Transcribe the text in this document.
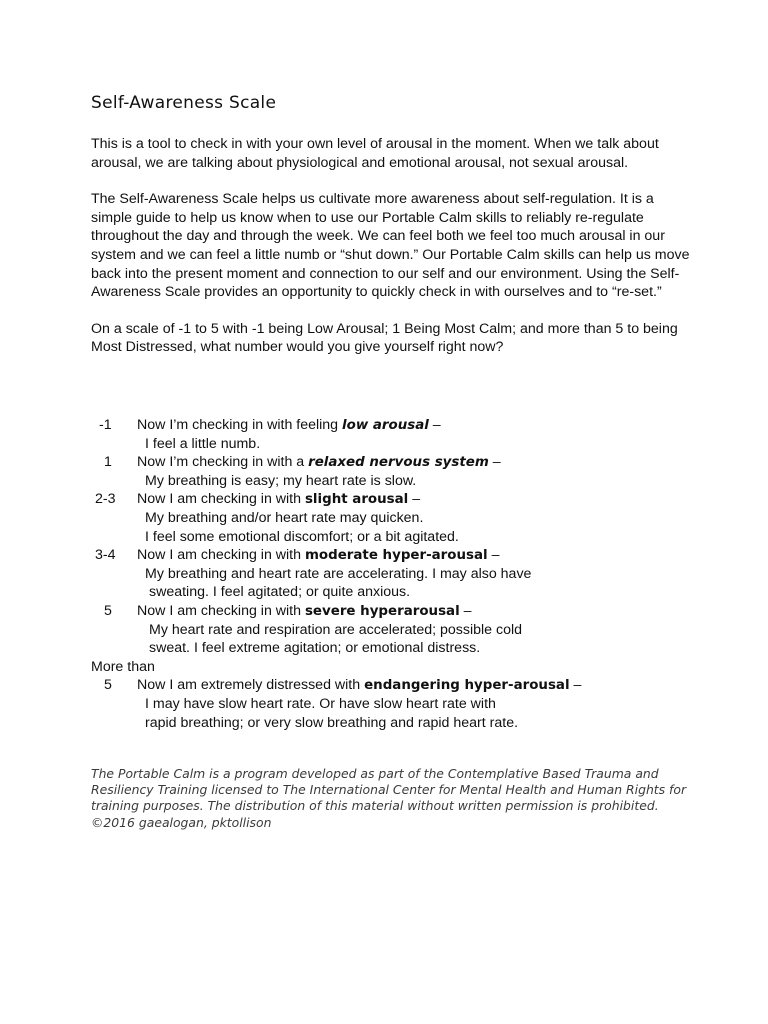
Self-Awareness Scale

This is a tool to check in with your own level of arousal in the moment. When we talk about arousal, we are talking about physiological and emotional arousal, not sexual arousal.

The Self-Awareness Scale helps us cultivate more awareness about self-regulation. It is a simple guide to help us know when to use our Portable Calm skills to reliably re-regulate throughout the day and through the week. We can feel both we feel too much arousal in our system and we can feel a little numb or “shut down.” Our Portable Calm skills can help us move back into the present moment and connection to our self and our environment. Using the Self-Awareness Scale provides an opportunity to quickly check in with ourselves and to “re-set.”

On a scale of -1 to 5 with -1 being Low Arousal; 1 Being Most Calm; and more than 5 to being Most Distressed, what number would you give yourself right now?

-1 Now I’m checking in with feeling low arousal –
I feel a little numb.
1 Now I’m checking in with a relaxed nervous system –
My breathing is easy; my heart rate is slow.
2-3 Now I am checking in with slight arousal –
My breathing and/or heart rate may quicken.
I feel some emotional discomfort; or a bit agitated.
3-4 Now I am checking in with moderate hyper-arousal –
My breathing and heart rate are accelerating. I may also have
sweating. I feel agitated; or quite anxious.
5 Now I am checking in with severe hyperarousal –
My heart rate and respiration are accelerated; possible cold
sweat. I feel extreme agitation; or emotional distress.
More than
5 Now I am extremely distressed with endangering hyper-arousal –
I may have slow heart rate. Or have slow heart rate with
rapid breathing; or very slow breathing and rapid heart rate.
The Portable Calm is a program developed as part of the Contemplative Based Trauma and Resiliency Training licensed to The International Center for Mental Health and Human Rights for training purposes. The distribution of this material without written permission is prohibited. ©2016 gaealogan, pktollison
